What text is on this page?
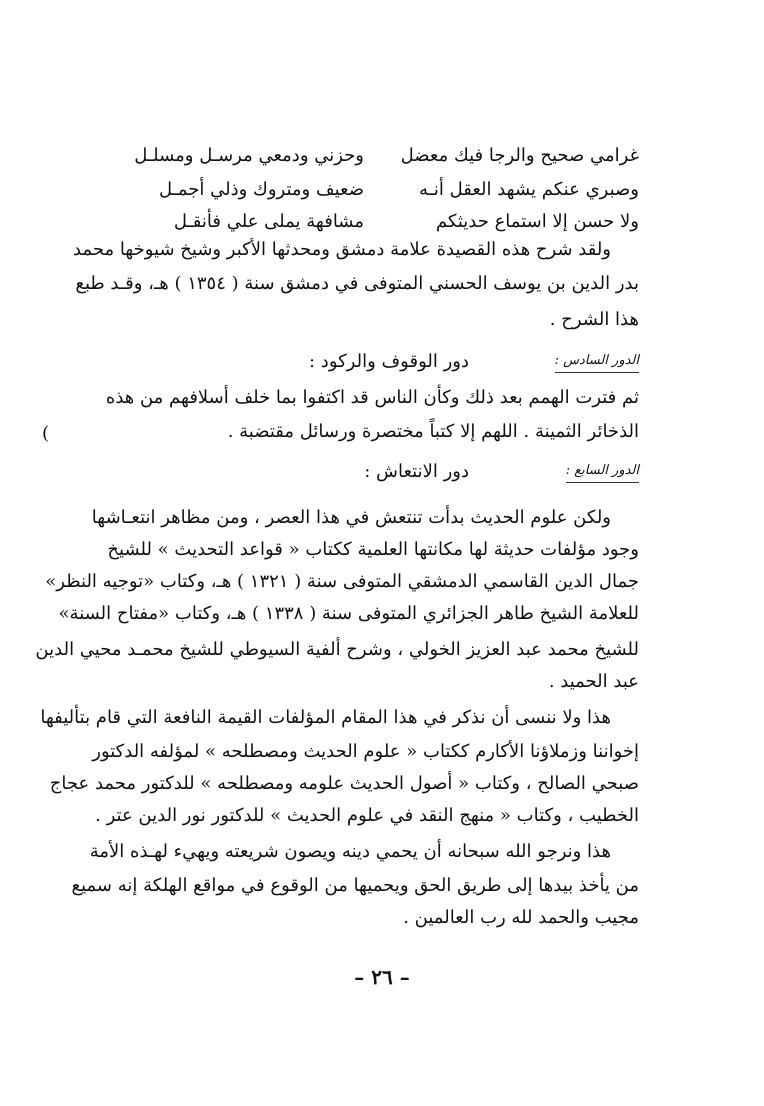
غرامي صحيح والرجا فيك معضل
وحزني ودمعي مرسـل ومسلـل
وصبري عنكم يشهد العقل أنـه
ضعيف ومتروك وذلي أجمـل
ولا حسن إلا استماع حديثكم
مشافهة يملى علي فأنقـل
ولقد شرح هذه القصيدة علامة دمشق ومحدثها الأكبر وشيخ شيوخها محمد
بدر الدين بن يوسف الحسني المتوفى في دمشق سنة ( ١٣٥٤ ) هـ، وقـد طبع
هذا الشرح .
الدور السادس :
دور الوقوف والركود :
ثم فترت الهمم بعد ذلك وكأن الناس قد اكتفوا بما خلف أسلافهم من هذه
الذخائر الثمينة . اللهم إلا كتباً مختصرة ورسائل مقتضبة .
(
الدور السابع :
دور الانتعاش :
ولكن علوم الحديث بدأت تنتعش في هذا العصر ، ومن مظاهر انتعـاشها
وجود مؤلفات حديثة لها مكانتها العلمية ككتاب « قواعد التحديث » للشيخ
جمال الدين القاسمي الدمشقي المتوفى سنة ( ١٣٢١ ) هـ، وكتاب «توجيه النظر»
للعلامة الشيخ طاهر الجزائري المتوفى سنة ( ١٣٣٨ ) هـ، وكتاب «مفتاح السنة»
للشيخ محمد عبد العزيز الخولي ، وشرح ألفية السيوطي للشيخ محمـد محيي الدين
عبد الحميد .
هذا ولا ننسى أن نذكر في هذا المقام المؤلفات القيمة النافعة التي قام بتأليفها
إخواننا وزملاؤنا الأكارم ككتاب « علوم الحديث ومصطلحه » لمؤلفه الدكتور
صبحي الصالح ، وكتاب « أصول الحديث علومه ومصطلحه » للدكتور محمد عجاج
الخطيب ، وكتاب « منهج النقد في علوم الحديث » للدكتور نور الدين عتر .
هذا ونرجو الله سبحانه أن يحمي دينه ويصون شريعته ويهيء لهـذه الأمة
من يأخذ بيدها إلى طريق الحق ويحميها من الوقوع في مواقع الهلكة إنه سميع
مجيب والحمد لله رب العالمين .
– ٢٦ –
